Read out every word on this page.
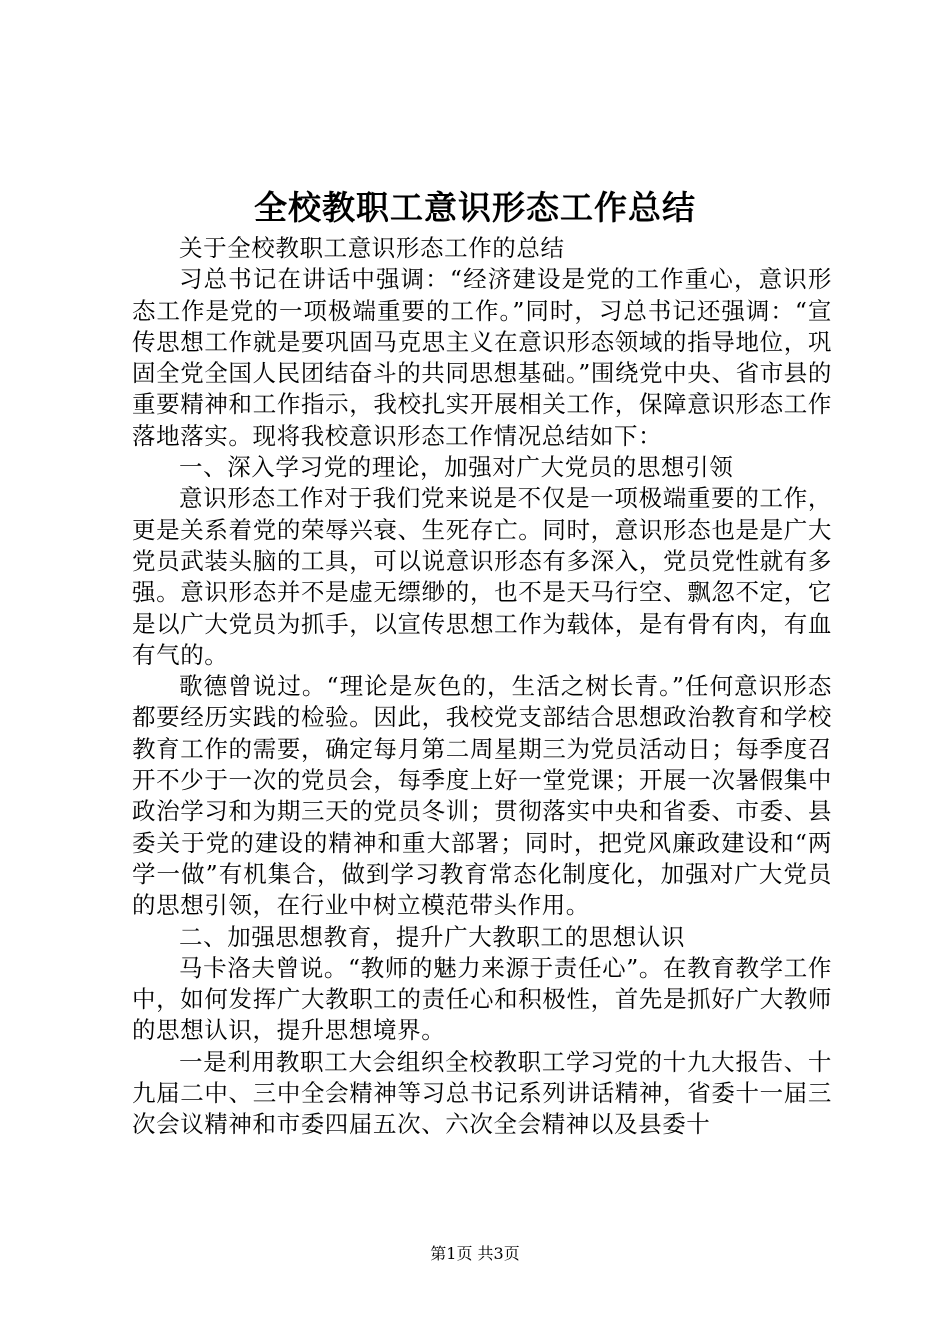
全校教职工意识形态工作总结

关于全校教职工意识形态工作的总结

习总书记在讲话中强调：“经济建设是党的工作重心，意识形态工作是党的一项极端重要的工作。”同时，习总书记还强调：“宣传思想工作就是要巩固马克思主义在意识形态领域的指导地位，巩固全党全国人民团结奋斗的共同思想基础。”围绕党中央、省市县的重要精神和工作指示，我校扎实开展相关工作，保障意识形态工作落地落实。现将我校意识形态工作情况总结如下：

一、深入学习党的理论，加强对广大党员的思想引领

意识形态工作对于我们党来说是不仅是一项极端重要的工作，更是关系着党的荣辱兴衰、生死存亡。同时，意识形态也是是广大党员武装头脑的工具，可以说意识形态有多深入，党员党性就有多强。意识形态并不是虚无缥缈的，也不是天马行空、飘忽不定，它是以广大党员为抓手，以宣传思想工作为载体，是有骨有肉，有血有气的。

歌德曾说过。“理论是灰色的，生活之树长青。”任何意识形态都要经历实践的检验。因此，我校党支部结合思想政治教育和学校教育工作的需要，确定每月第二周星期三为党员活动日；每季度召开不少于一次的党员会，每季度上好一堂党课；开展一次暑假集中政治学习和为期三天的党员冬训；贯彻落实中央和省委、市委、县委关于党的建设的精神和重大部署；同时，把党风廉政建设和“两学一做”有机集合，做到学习教育常态化制度化，加强对广大党员的思想引领，在行业中树立模范带头作用。

二、加强思想教育，提升广大教职工的思想认识

马卡洛夫曾说。“教师的魅力来源于责任心”。在教育教学工作中，如何发挥广大教职工的责任心和积极性，首先是抓好广大教师的思想认识，提升思想境界。

一是利用教职工大会组织全校教职工学习党的十九大报告、十九届二中、三中全会精神等习总书记系列讲话精神，省委十一届三次会议精神和市委四届五次、六次全会精神以及县委十

第1页 共3页
